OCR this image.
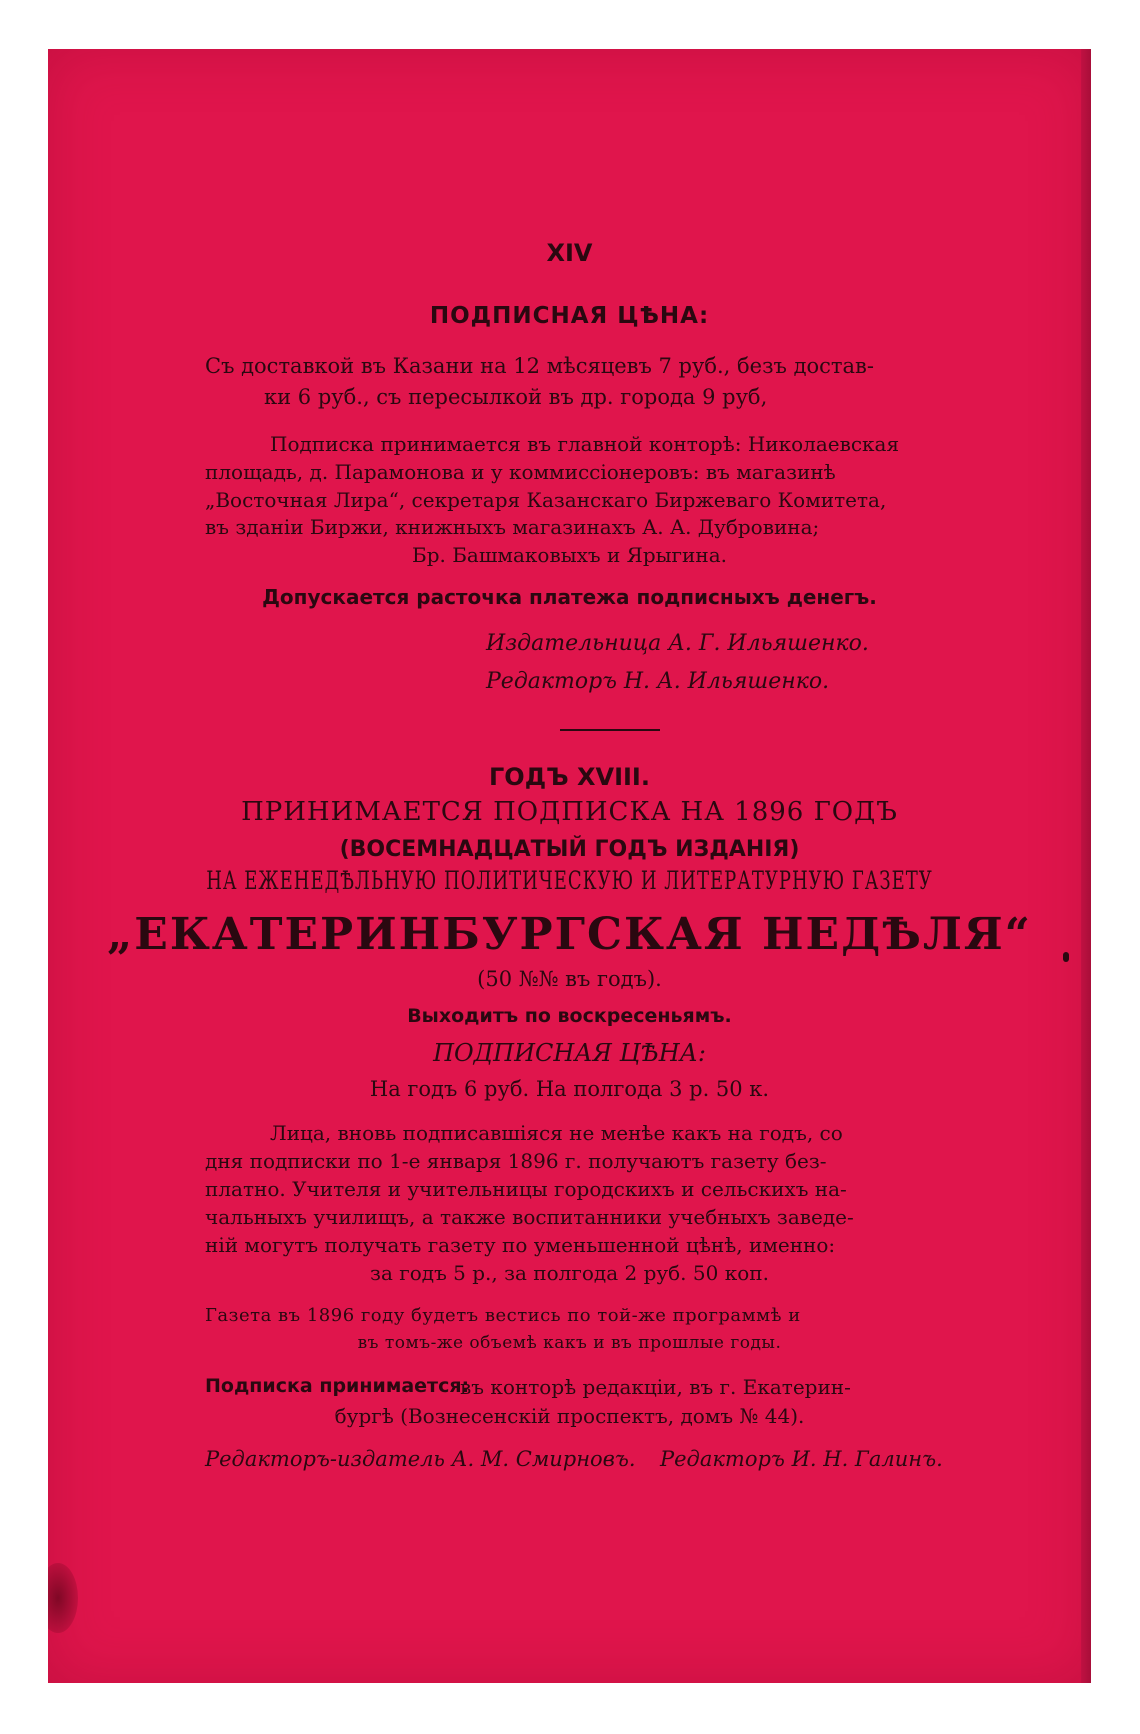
XIV
ПОДПИСНАЯ ЦѢНА:
Съ доставкой въ Казани на 12 мѣсяцевъ 7 руб., безъ достав-
ки 6 руб., съ пересылкой въ др. города 9 руб,
Подписка принимается въ главной конторѣ: Николаевская
площадь, д. Парамонова и у коммиссіонеровъ: въ магазинѣ
„Восточная Лира“, секретаря Казанскаго Биржеваго Комитета,
въ зданіи Биржи, книжныхъ магазинахъ А. А. Дубровина;
Бр. Башмаковыхъ и Ярыгина.
Допускается расточка платежа подписныхъ денегъ.
Издательница А. Г. Ильяшенко.
Редакторъ Н. А. Ильяшенко.
ГОДЪ XVIII.
ПРИНИМАЕТСЯ ПОДПИСКА НА 1896 ГОДЪ
(ВОСЕМНАДЦАТЫЙ ГОДЪ ИЗДАНІЯ)
НА ЕЖЕНЕДѢЛЬНУЮ ПОЛИТИЧЕСКУЮ И ЛИТЕРАТУРНУЮ ГАЗЕТУ
„ЕКАТЕРИНБУРГСКАЯ НЕДѢЛЯ“
(50 №№ въ годъ).
Выходитъ по воскресеньямъ.
ПОДПИСНАЯ ЦѢНА:
На годъ 6 руб. На полгода 3 р. 50 к.
Лица, вновь подписавшіяся не менѣе какъ на годъ, со
дня подписки по 1-е января 1896 г. получаютъ газету без-
платно. Учителя и учительницы городскихъ и сельскихъ на-
чальныхъ училищъ, а также воспитанники учебныхъ заведе-
ній могутъ получать газету по уменьшенной цѣнѣ, именно:
за годъ 5 р., за полгода 2 руб. 50 коп.
Газета въ 1896 году будетъ вестись по той-же программѣ и
въ томъ-же объемѣ какъ и въ прошлые годы.
Подписка принимается:
въ конторѣ редакціи, въ г. Екатерин-
бургѣ (Вознесенскій проспектъ, домъ № 44).
Редакторъ-издатель А. М. Смирновъ. Редакторъ И. Н. Галинъ.
